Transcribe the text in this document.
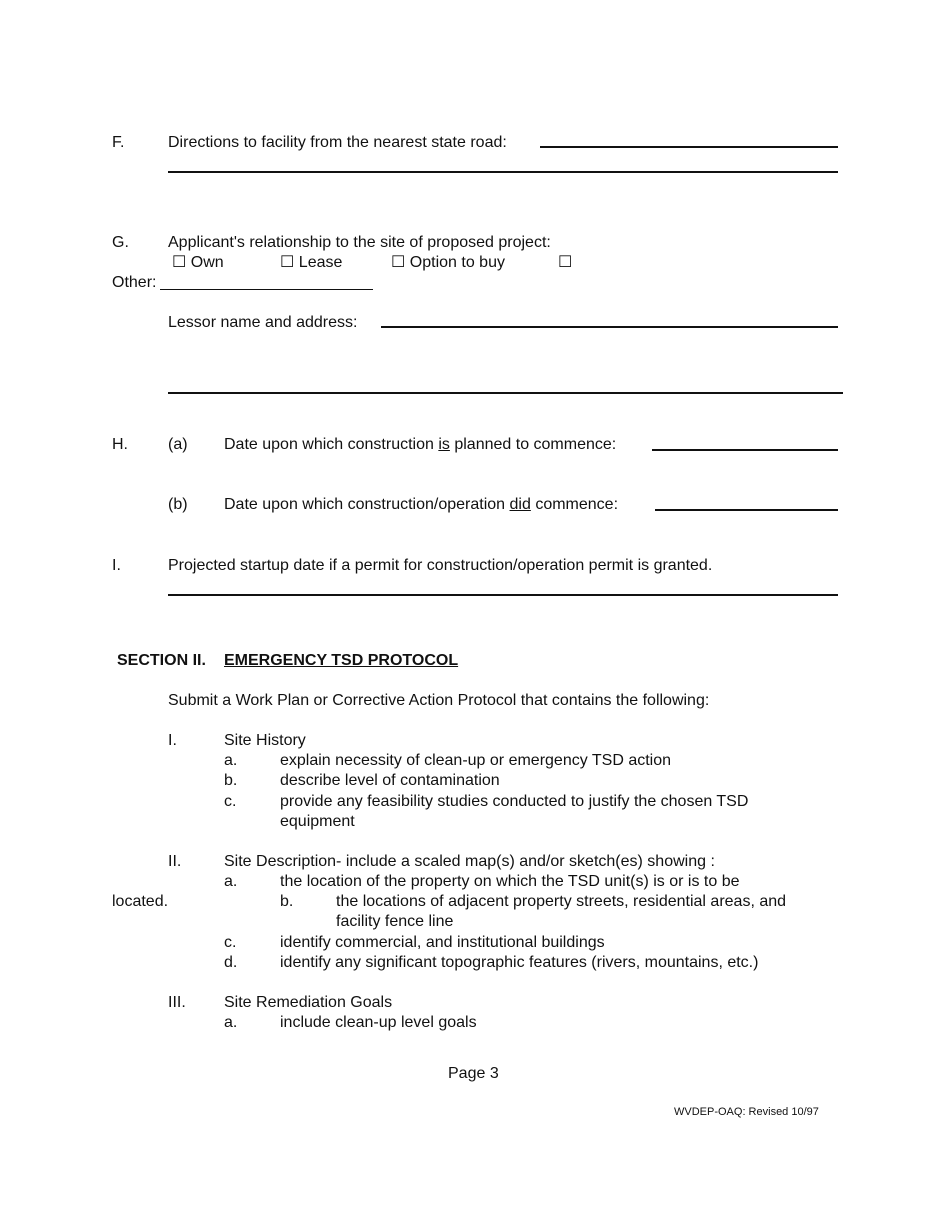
F.	Directions to facility from the nearest state road:
G. Applicant's relationship to the site of proposed project:
☐ Own	☐ Lease	☐ Option to buy	☐
Other:
Lessor name and address:
H.	(a) Date upon which construction is planned to commence:
(b) Date upon which construction/operation did commence:
I.	Projected startup date if a permit for construction/operation permit is granted.
SECTION II. EMERGENCY TSD PROTOCOL
Submit a Work Plan or Corrective Action Protocol that contains the following:
I.	Site History
a.	explain necessity of clean-up or emergency TSD action
b.	describe level of contamination
c.	provide any feasibility studies conducted to justify the chosen TSD
equipment
II.	Site Description- include a scaled map(s) and/or sketch(es) showing :
a.	the location of the property on which the TSD unit(s) is or is to be
located.	b.	the locations of adjacent property streets, residential areas, and
facility fence line
c.	identify commercial, and institutional buildings
d.	identify any significant topographic features (rivers, mountains, etc.)
III. Site Remediation Goals
a.	include clean-up level goals
Page 3
WVDEP-OAQ: Revised 10/97
